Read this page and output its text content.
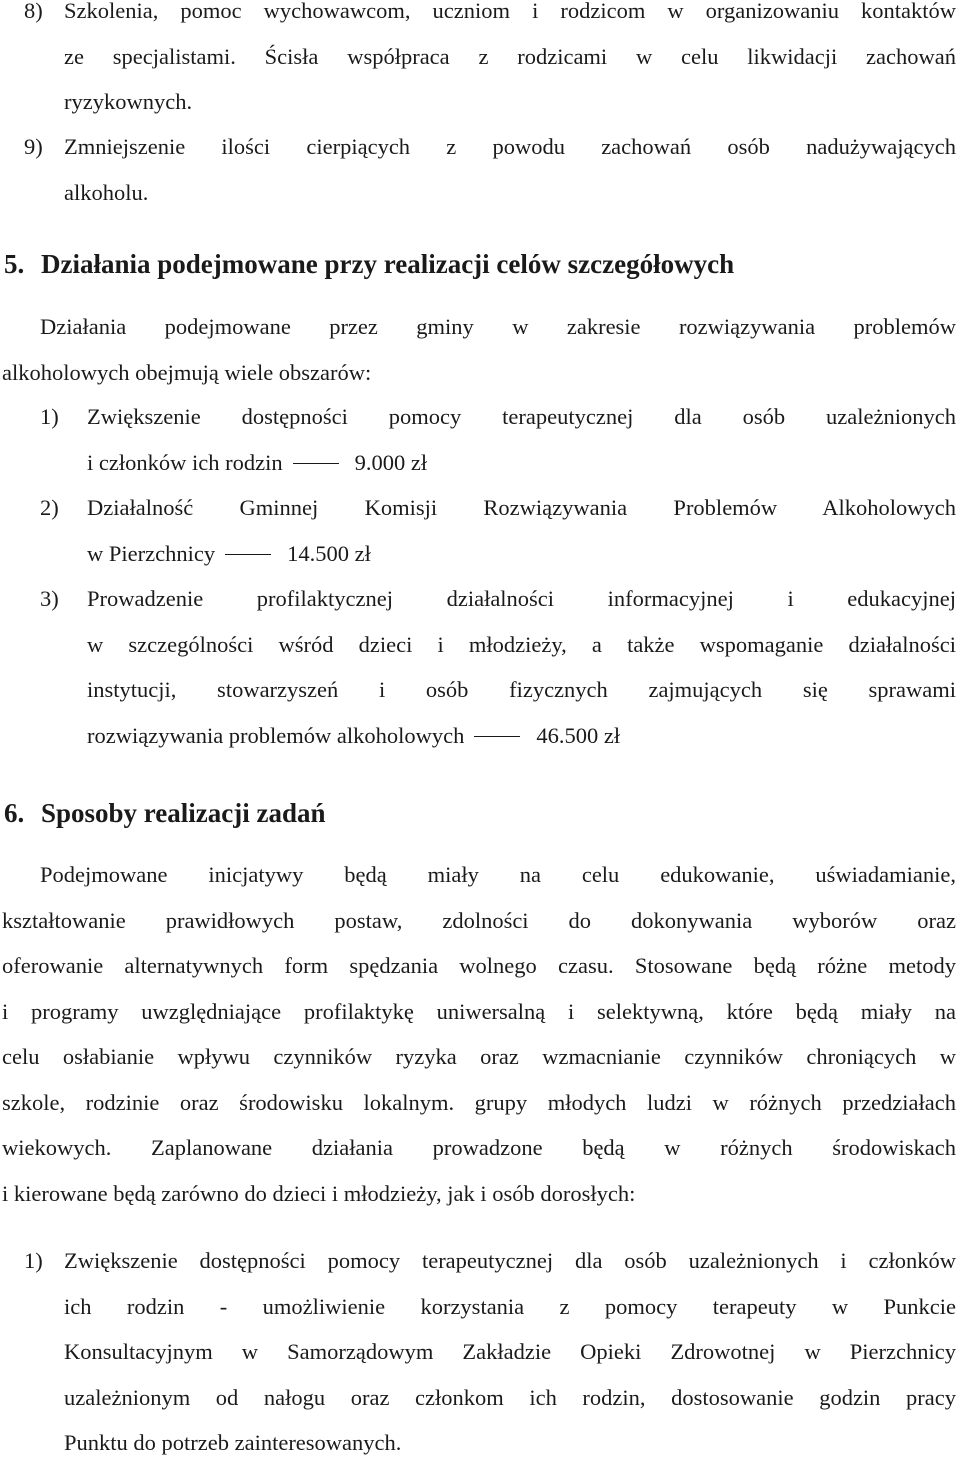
8) Szkolenia, pomoc wychowawcom, uczniom i rodzicom w organizowaniu kontaktów
ze specjalistami. Ścisła współpraca z rodzicami w celu likwidacji zachowań
ryzykownych.
9) Zmniejszenie ilości cierpiących z powodu zachowań osób nadużywających
alkoholu.
5. Działania podejmowane przy realizacji celów szczegółowych
Działania podejmowane przez gminy w zakresie rozwiązywania problemów
alkoholowych obejmują wiele obszarów:
1) Zwiększenie dostępności pomocy terapeutycznej dla osób uzależnionych
i członków ich rodzin	9.000 zł
2) Działalność Gminnej Komisji Rozwiązywania Problemów Alkoholowych
w Pierzchnicy	14.500 zł
3) Prowadzenie profilaktycznej działalności informacyjnej i edukacyjnej
w szczególności wśród dzieci i młodzieży, a także wspomaganie działalności
instytucji, stowarzyszeń i osób fizycznych zajmujących się sprawami
rozwiązywania problemów alkoholowych	46.500 zł
6. Sposoby realizacji zadań
Podejmowane inicjatywy będą miały na celu edukowanie, uświadamianie,
kształtowanie prawidłowych postaw, zdolności do dokonywania wyborów oraz
oferowanie alternatywnych form spędzania wolnego czasu. Stosowane będą różne metody
i programy uwzględniające profilaktykę uniwersalną i selektywną, które będą miały na
celu osłabianie wpływu czynników ryzyka oraz wzmacnianie czynników chroniących w
szkole, rodzinie oraz środowisku lokalnym. grupy młodych ludzi w różnych przedziałach
wiekowych. Zaplanowane działania prowadzone będą w różnych środowiskach
i kierowane będą zarówno do dzieci i młodzieży, jak i osób dorosłych:
1) Zwiększenie dostępności pomocy terapeutycznej dla osób uzależnionych i członków
ich rodzin - umożliwienie korzystania z pomocy terapeuty w Punkcie
Konsultacyjnym w Samorządowym Zakładzie Opieki Zdrowotnej w Pierzchnicy
uzależnionym od nałogu oraz członkom ich rodzin, dostosowanie godzin pracy
Punktu do potrzeb zainteresowanych.
